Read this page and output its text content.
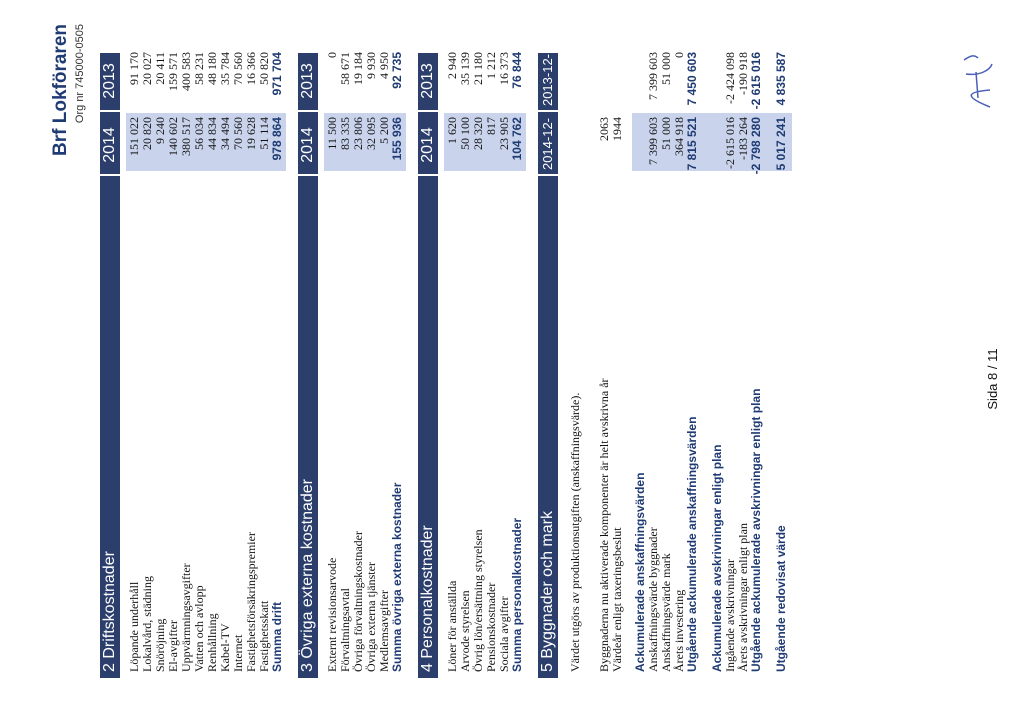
Brf Lokföraren Org nr 745000-0505
2 Driftskostnader
2014
2013
Löpande underhåll
151 022
91 170
Lokalvård, städning
20 820
20 027
Snöröjning
9 240
20 411
El-avgifter
140 602
159 571
Uppvärmningsavgifter
380 517
400 583
Vatten och avlopp
56 034
58 231
Renhållning
44 834
48 180
Kabel-TV
34 494
35 784
Internet
70 560
70 560
Fastighetsförsäkringspremier
19 628
16 366
Fastighetsskatt
51 114
50 820
Summa drift
978 864
971 704
3 Övriga externa kostnader
2014
2013
Externt revisionsarvode
11 500
0
Förvaltningsavtal
83 335
58 671
Övriga förvaltningskostnader
23 806
19 184
Övriga externa tjänster
32 095
9 930
Medlemsavgifter
5 200
4 950
Summa övriga externa kostnader
155 936
92 735
4 Personalkostnader
2014
2013
Löner för anställda
1 620
2 940
Arvode styrelsen
50 100
35 139
Övrig lön/ersättning styrelsen
28 320
21 180
Pensionskostnader
817
1 212
Sociala avgifter
23 905
16 373
Summa personalkostnader
104 762
76 844
5 Byggnader och mark
2014-12-31
2013-12-31
Värdet utgörs av produktionsutgiften (anskaffningsvärde). Byggnaderna nu aktiverade komponenter är helt avskrivna år
2063
Värdeår enligt taxeringsbeslut
1944
Ackumulerade anskaffningsvärden Anskaffningsvärde byggnader
7 399 603
7 399 603
Anskaffningsvärde mark
51 000
51 000
Årets investering
364 918
0
Utgående ackumulerade anskaffningsvärden
7 815 521
7 450 603
Ackumulerade avskrivningar enligt plan Ingående avskrivningar
-2 615 016
-2 424 098
Årets avskrivningar enligt plan
-183 264
-190 918
Utgående ackumulerade avskrivningar enligt plan
-2 798 280
-2 615 016
Utgående redovisat värde
5 017 241
4 835 587
Sida 8 / 11
